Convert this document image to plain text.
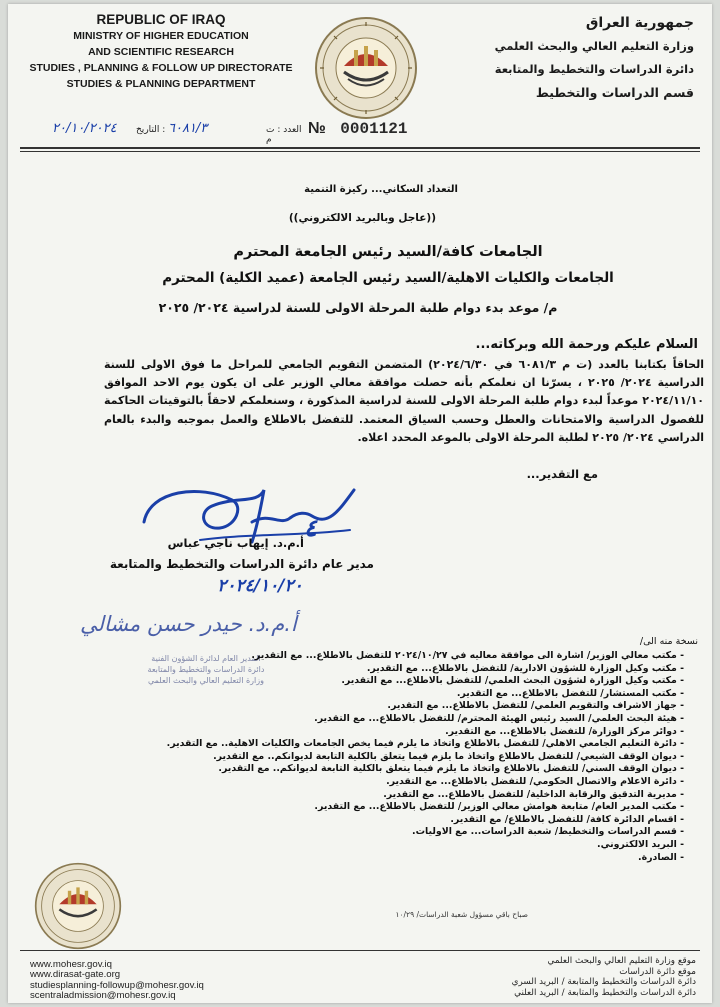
REPUBLIC OF IRAQ
MINISTRY OF HIGHER EDUCATION
AND SCIENTIFIC RESEARCH
STUDIES , PLANNING & FOLLOW UP DIRECTORATE
STUDIES & PLANNING DEPARTMENT
جمهورية العراق
وزارة التعليم العالي والبحث العلمي
دائرة الدراسات والتخطيط والمتابعة
قسم الدراسات والتخطيط
٢٠/١٠/٢٠٢٤ التاريخ : ٦٠٨١/٣	العدد : ت م
№ 0001121
التعداد السكاني... ركيزة التنمية
((عاجل وبالبريد الالكتروني))
الجامعات كافة/السيد رئيس الجامعة المحترم
الجامعات والكليات الاهلية/السيد رئيس الجامعة (عميد الكلية) المحترم
م/ موعد بدء دوام طلبة المرحلة الاولى للسنة لدراسية ٢٠٢٤/ ٢٠٢٥
السلام عليكم ورحمة الله وبركاته...
الحاقاً بكتابنا بالعدد (ت م ٦٠٨١/٣ في ٢٠٢٤/٦/٣٠) المتضمن التقويم الجامعي للمراحل ما فوق الاولى للسنة الدراسية ٢٠٢٤/ ٢٠٢٥ ، يسرّنا ان نعلمكم بأنه حصلت موافقة معالي الوزير على ان يكون يوم الاحد الموافق ٢٠٢٤/١١/١٠ موعداً لبدء دوام طلبة المرحلة الاولى للسنة لدراسية المذكورة ، وسنعلمكم لاحقاً بالتوقيتات الحاكمة للفصول الدراسية والامتحانات والعطل وحسب السياق المعتمد. للتفضل بالاطلاع والعمل بموجبه والبدء بالعام الدراسي ٢٠٢٤/ ٢٠٢٥ لطلبة المرحلة الاولى بالموعد المحدد اعلاه.
مع التقدير...
٤
أ.م.د. إيهاب ناجي عباس
مدير عام دائرة الدراسات والتخطيط والمتابعة
٢٠٢٤/١٠/٢٠
أ.م.د. حيدر حسن مشالي
المدير العام لدائرة الشؤون الفنية
دائرة الدراسات والتخطيط والمتابعة
وزارة التعليم العالي والبحث العلمي
نسخة منه الى/
- مكتب معالي الوزير/ اشارة الى موافقة معاليه في ٢٠٢٤/١٠/٢٧ للتفضل بالاطلاع... مع التقدير.
- مكتب وكيل الوزارة للشؤون الادارية/ للتفضل بالاطلاع... مع التقدير.
- مكتب وكيل الوزارة لشؤون البحث العلمي/ للتفضل بالاطلاع... مع التقدير.
- مكتب المستشار/ للتفضل بالاطلاع... مع التقدير.
- جهاز الاشراف والتقويم العلمي/ للتفضل بالاطلاع... مع التقدير.
- هيئة البحث العلمي/ السيد رئيس الهيئة المحترم/ للتفضل بالاطلاع... مع التقدير.
- دوائر مركز الوزارة/ للتفضل بالاطلاع... مع التقدير.
- دائرة التعليم الجامعي الاهلي/ للتفضل بالاطلاع واتخاذ ما يلزم فيما يخص الجامعات والكليات الاهلية.. مع التقدير.
- ديوان الوقف الشيعي/ للتفضل بالاطلاع واتخاذ ما يلزم فيما يتعلق بالكلية التابعة لديوانكم.. مع التقدير.
- ديوان الوقف السني/ للتفضل بالاطلاع واتخاذ ما يلزم فيما يتعلق بالكلية التابعة لديوانكم.. مع التقدير.
- دائرة الاعلام والاتصال الحكومي/ للتفضل بالاطلاع... مع التقدير.
- مديرية التدقيق والرقابة الداخلية/ للتفضل بالاطلاع... مع التقدير.
- مكتب المدير العام/ متابعة هوامش معالي الوزير/ للتفضل بالاطلاع... مع التقدير.
- اقسام الدائرة كافة/ للتفضل بالاطلاع/ مع التقدير.
- قسم الدراسات والتخطيط/ شعبة الدراسات... مع الاوليات.
- البريد الالكتروني.
- الصادرة.
صباح باقي مسؤول شعبة الدراسات/ ١٠/٢٩
www.mohesr.gov.iq
www.dirasat-gate.org
studiesplanning-followup@mohesr.gov.iq
scentraladmission@mohesr.gov.iq
موقع وزارة التعليم العالي والبحث العلمي
موقع دائرة الدراسات
دائرة الدراسات والتخطيط والمتابعة / البريد السري
دائرة الدراسات والتخطيط والمتابعة / البريد العلني
